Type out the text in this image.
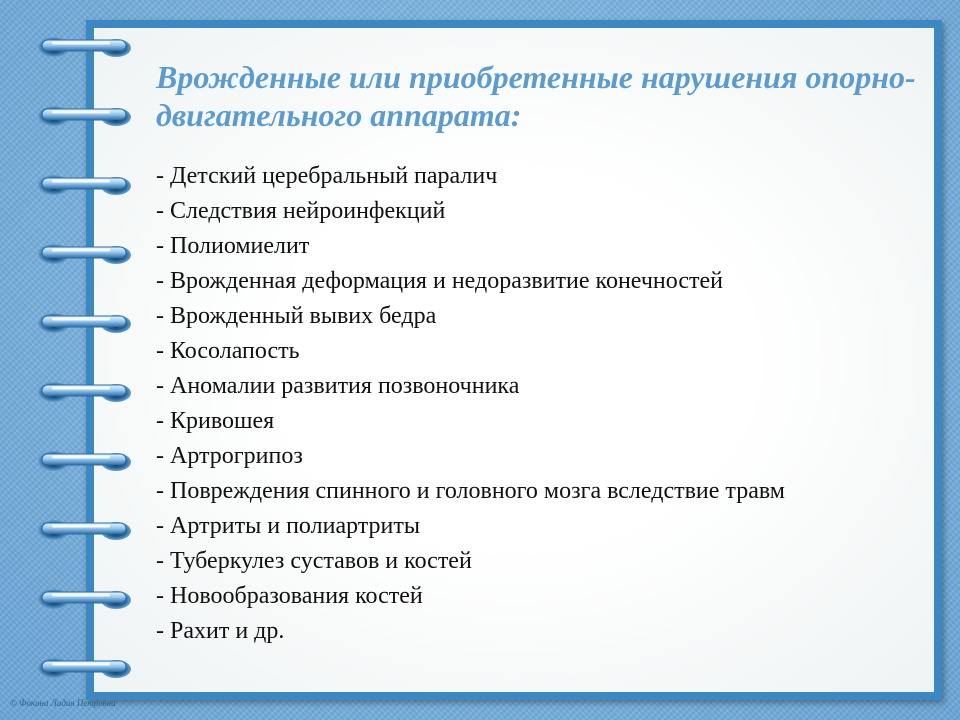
Врожденные или приобретенные нарушения опорно-двигательного аппарата:
- Детский церебральный паралич
- Следствия нейроинфекций
- Полиомиелит
- Врожденная деформация и недоразвитие конечностей
- Врожденный вывих бедра
- Косолапость
- Аномалии развития позвоночника
- Кривошея
- Артрогрипоз
- Повреждения спинного и головного мозга вследствие травм
- Артриты и полиартриты
- Туберкулез суставов и костей
- Новообразования костей
- Рахит и др.
© Фокина Лидия Петровна
